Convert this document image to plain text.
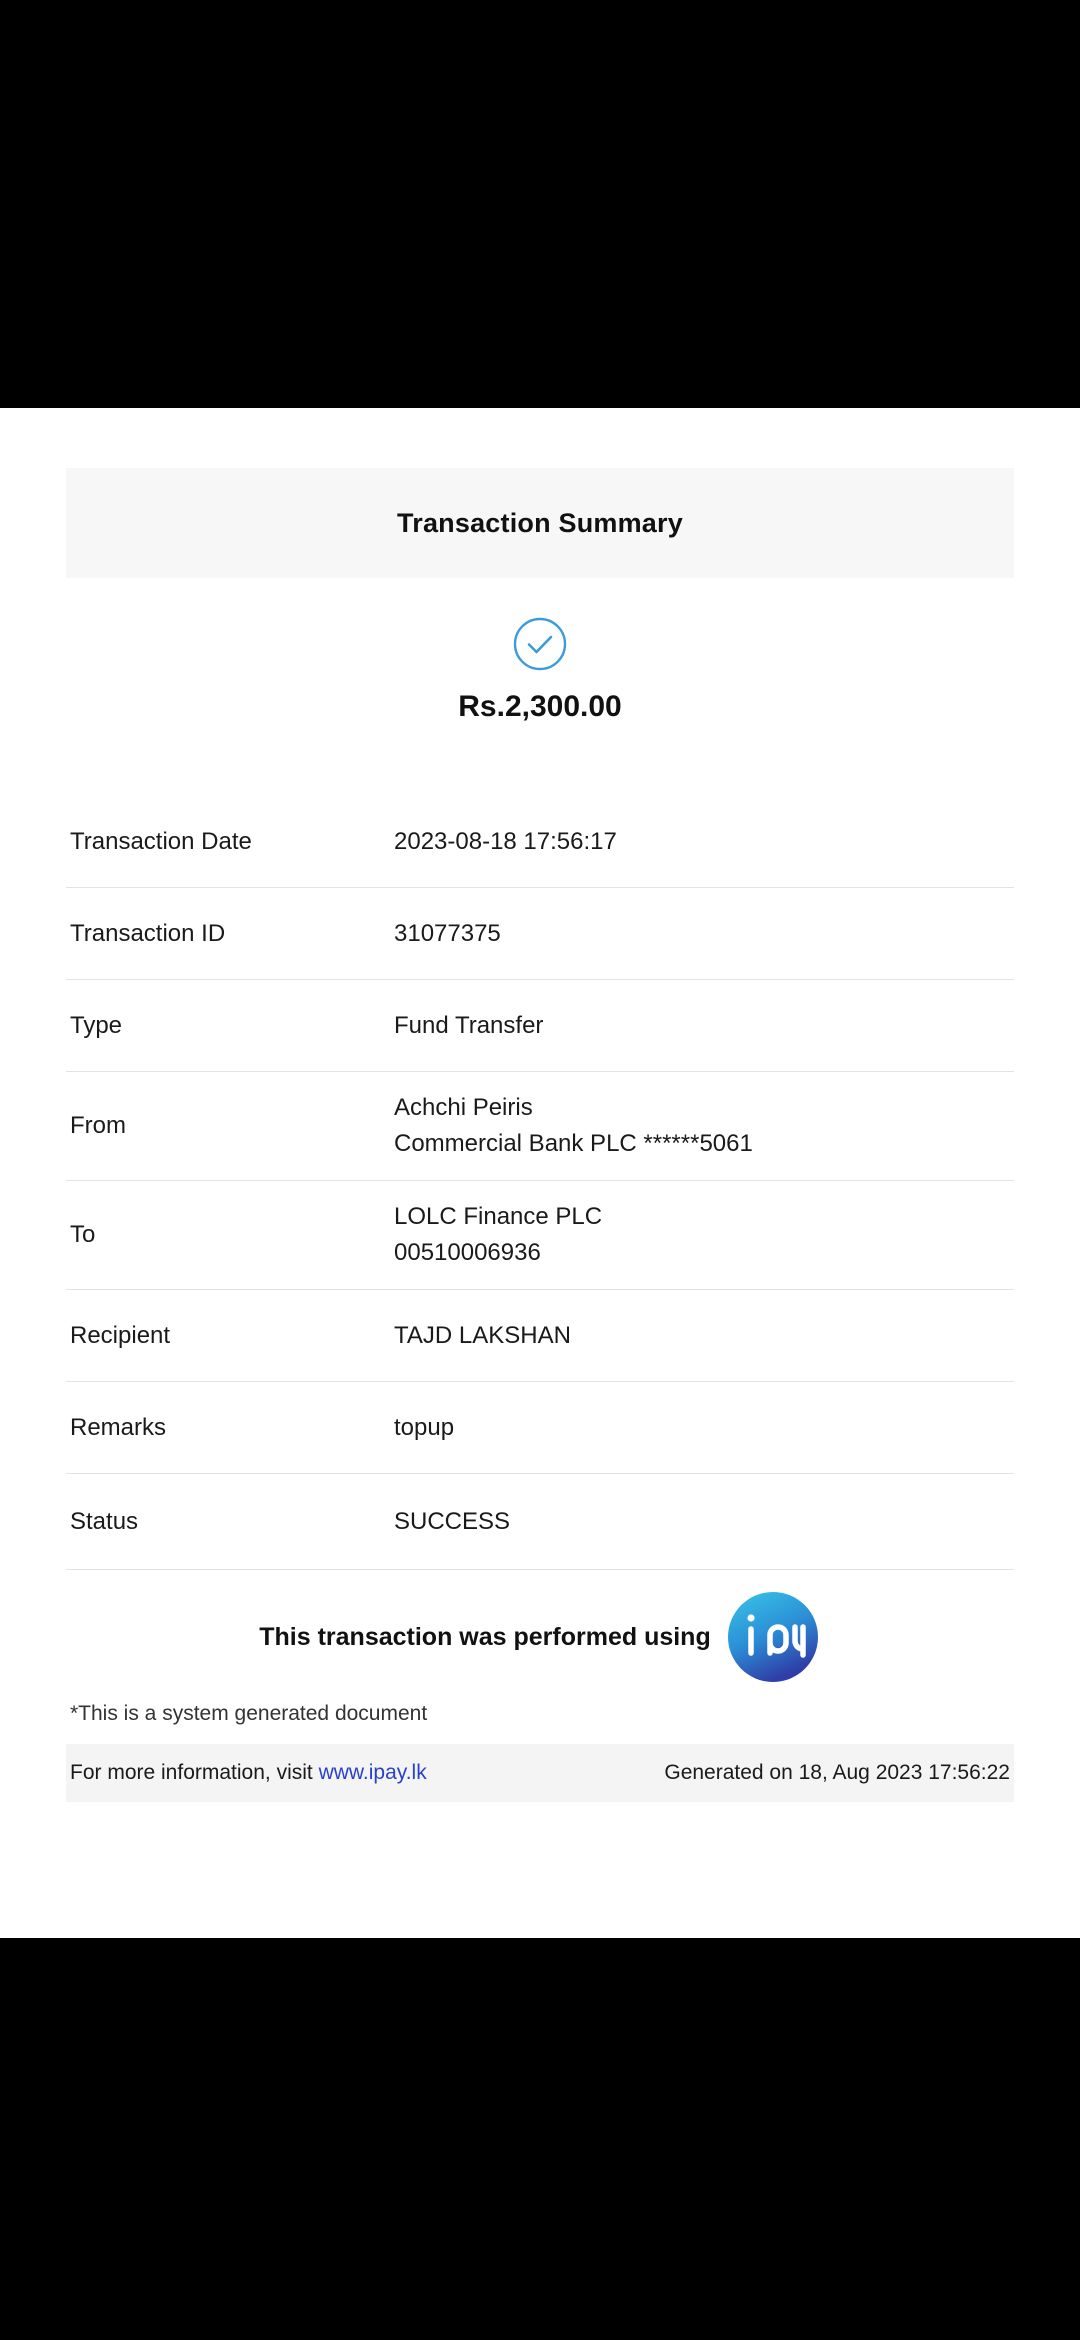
Transaction Summary
Rs.2,300.00
Transaction Date	2023-08-18 17:56:17
Transaction ID	31077375
Type	Fund Transfer
From	Achchi Peiris
Commercial Bank PLC ******5061

To	LOLC Finance PLC
00510006936

Recipient	TAJD LAKSHAN
Remarks	topup
Status	SUCCESS
This transaction was performed using
*This is a system generated document
For more information, visit www.ipay.lk	Generated on 18, Aug 2023 17:56:22
